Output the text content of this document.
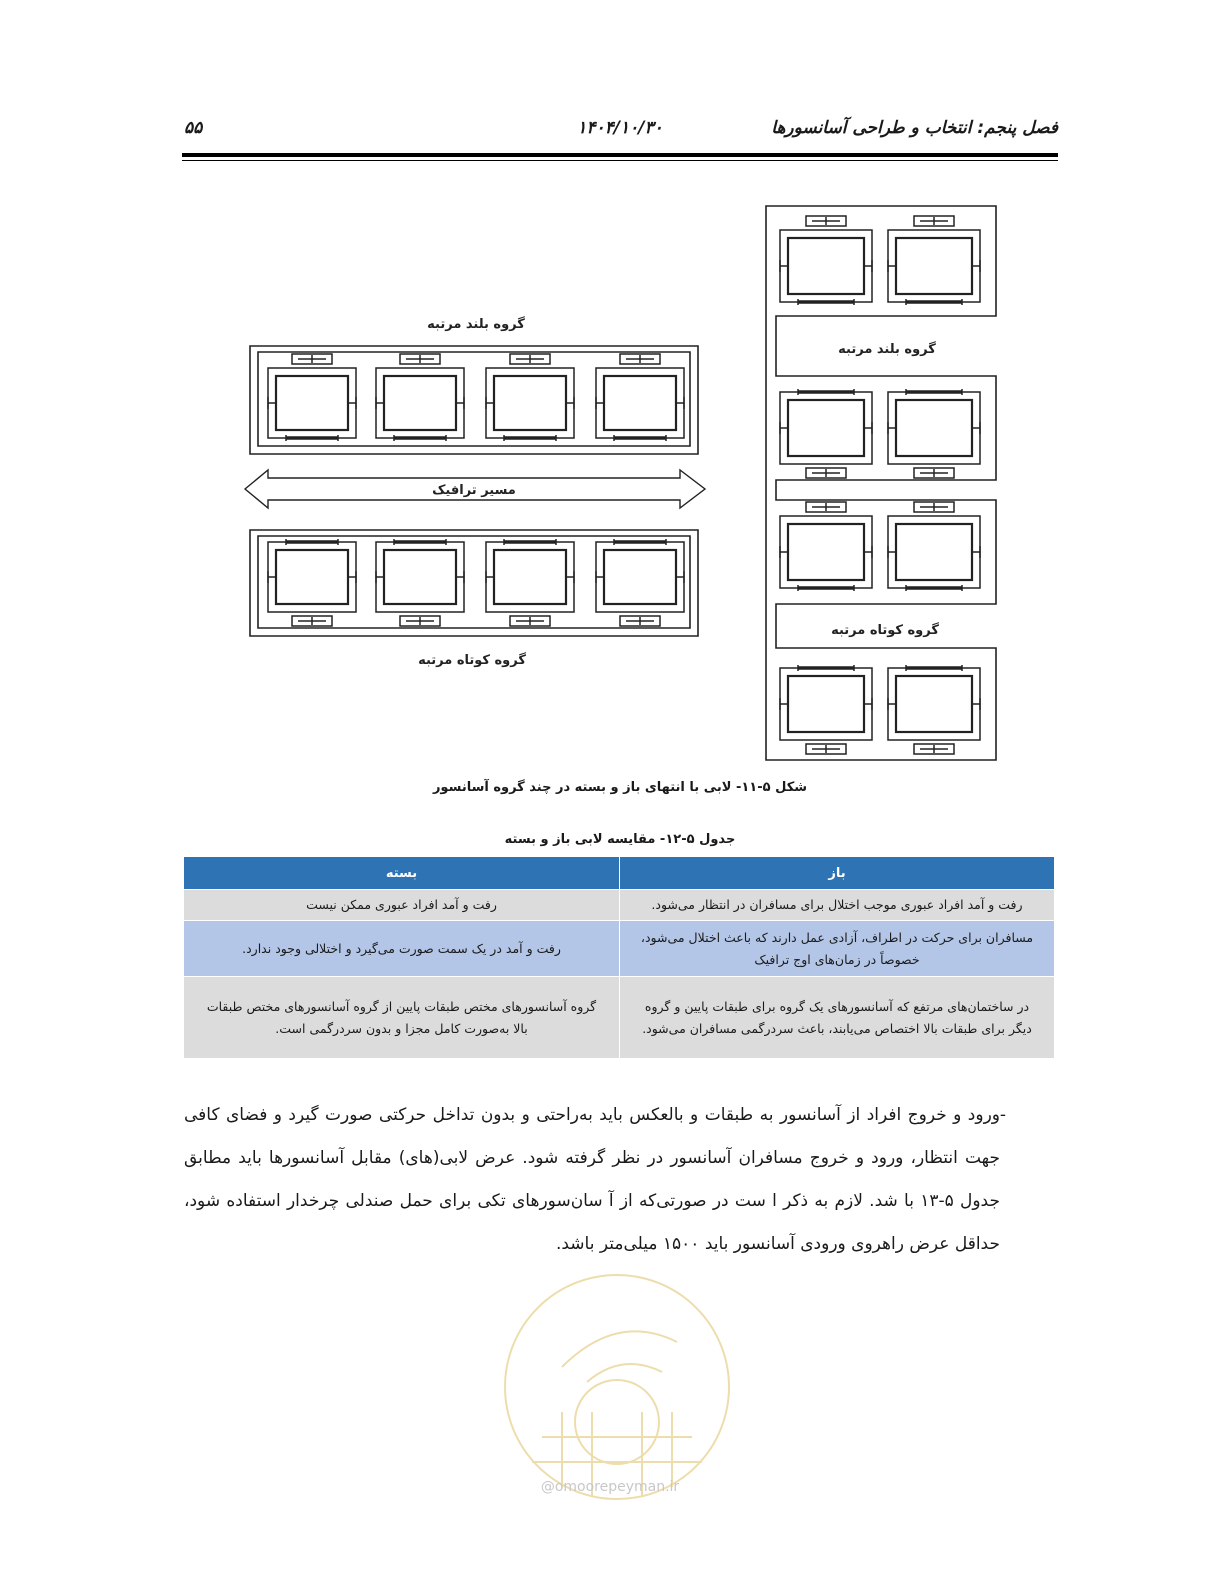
فصل پنجم: انتخاب و طراحی آسانسورها
۱۴۰۴/۱۰/۳۰
۵۵
گروه بلند مرتبه
مسیر ترافیک
گروه کوتاه مرتبه
گروه بلند مرتبه
گروه کوتاه مرتبه
شکل ۵-۱۱- لابی با انتهای باز و بسته در چند گروه آسانسور
جدول ۵-۱۲- مقایسه لابی باز و بسته
باز	بسته
رفت و آمد افراد عبوری موجب اختلال برای مسافران در انتظار می‌شود.	رفت و آمد افراد عبوری ممکن نیست
مسافران برای حرکت در اطراف، آزادی عمل دارند که باعث اختلال می‌شود، خصوصاً در زمان‌های اوج ترافیک	رفت و آمد در یک سمت صورت می‌گیرد و اختلالی وجود ندارد.
در ساختمان‌های مرتفع که آسانسورهای یک گروه برای طبقات پایین و گروه دیگر برای طبقات بالا اختصاص می‌یابند، باعث سردرگمی مسافران می‌شود.	گروه آسانسورهای مختص طبقات پایین از گروه آسانسورهای مختص طبقات بالا به‌صورت کامل مجزا و بدون سردرگمی است.
-
ورود و خروج افراد از آسانسور به طبقات و بالعکس باید به‌راحتی و بدون تداخل حرکتی صورت گیرد و فضای کافی جهت انتظار، ورود و خروج مسافران آسانسور در نظر گرفته شود. عرض لابی(های) مقابل آسانسورها باید مطابق جدول ۵-۱۳ با شد. لازم به ذکر ا ست در صورتی‌که از آ سان‌سورهای تکی برای حمل صندلی چرخدار استفاده شود، حداقل عرض راهروی ورودی آسانسور باید ۱۵۰۰ میلی‌متر باشد.
@omoorepeyman.ir
